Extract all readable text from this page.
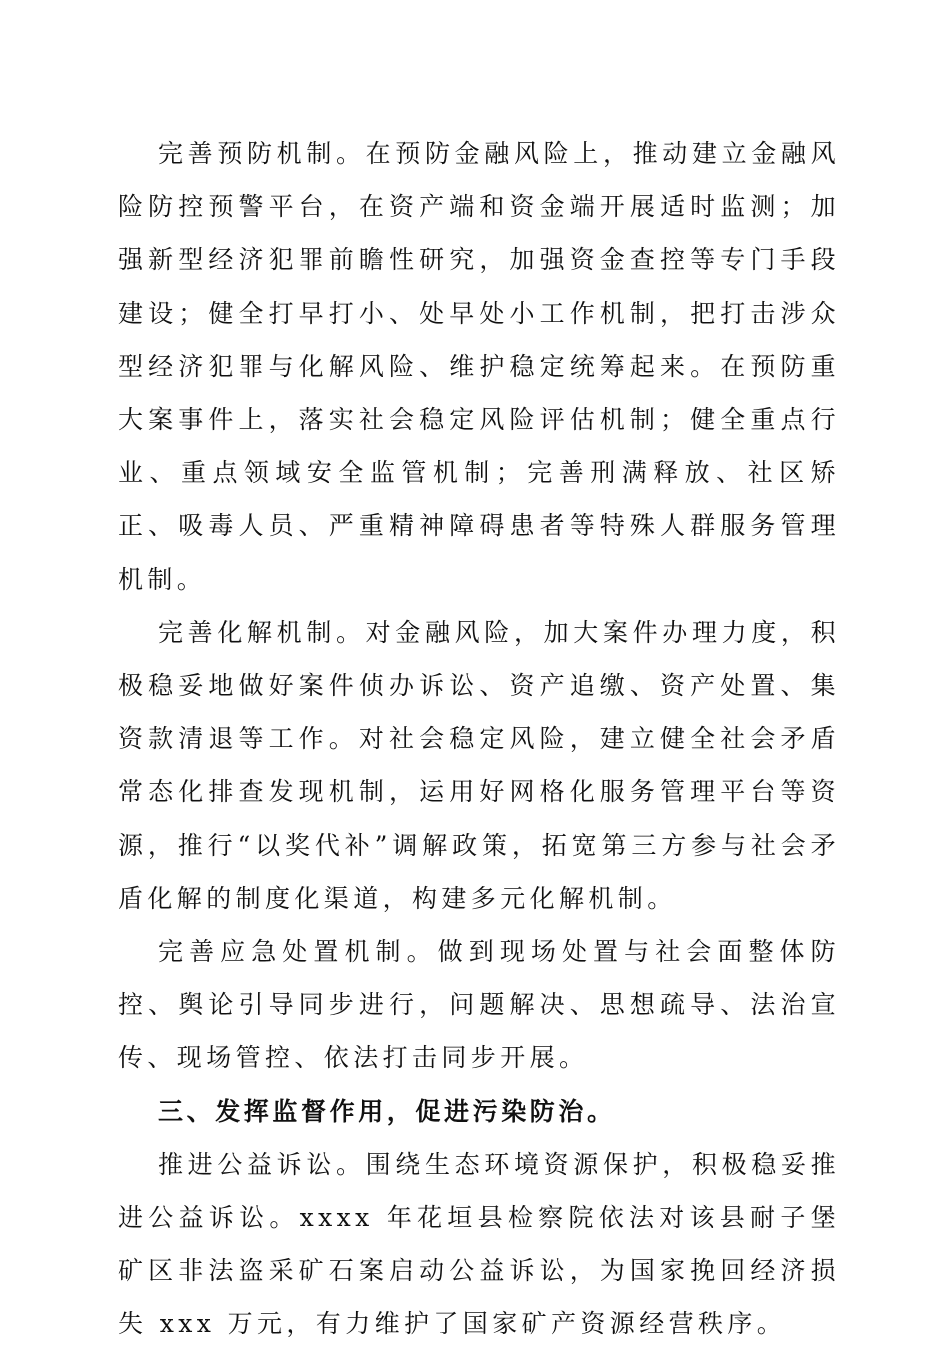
完善预防机制。在预防金融风险上，推动建立金融风险防控预警平台，在资产端和资金端开展适时监测；加强新型经济犯罪前瞻性研究，加强资金查控等专门手段建设；健全打早打小、处早处小工作机制，把打击涉众型经济犯罪与化解风险、维护稳定统筹起来。在预防重大案事件上，落实社会稳定风险评估机制；健全重点行业、重点领域安全监管机制；完善刑满释放、社区矫正、吸毒人员、严重精神障碍患者等特殊人群服务管理机制。

完善化解机制。对金融风险，加大案件办理力度，积极稳妥地做好案件侦办诉讼、资产追缴、资产处置、集资款清退等工作。对社会稳定风险，建立健全社会矛盾常态化排查发现机制，运用好网格化服务管理平台等资源，推行“以奖代补”调解政策，拓宽第三方参与社会矛盾化解的制度化渠道，构建多元化解机制。

完善应急处置机制。做到现场处置与社会面整体防控、舆论引导同步进行，问题解决、思想疏导、法治宣传、现场管控、依法打击同步开展。

三、发挥监督作用，促进污染防治。

推进公益诉讼。围绕生态环境资源保护，积极稳妥推进公益诉讼。xxxx 年花垣县检察院依法对该县耐子堡矿区非法盗采矿石案启动公益诉讼，为国家挽回经济损失 xxx 万元，有力维护了国家矿产资源经营秩序。
